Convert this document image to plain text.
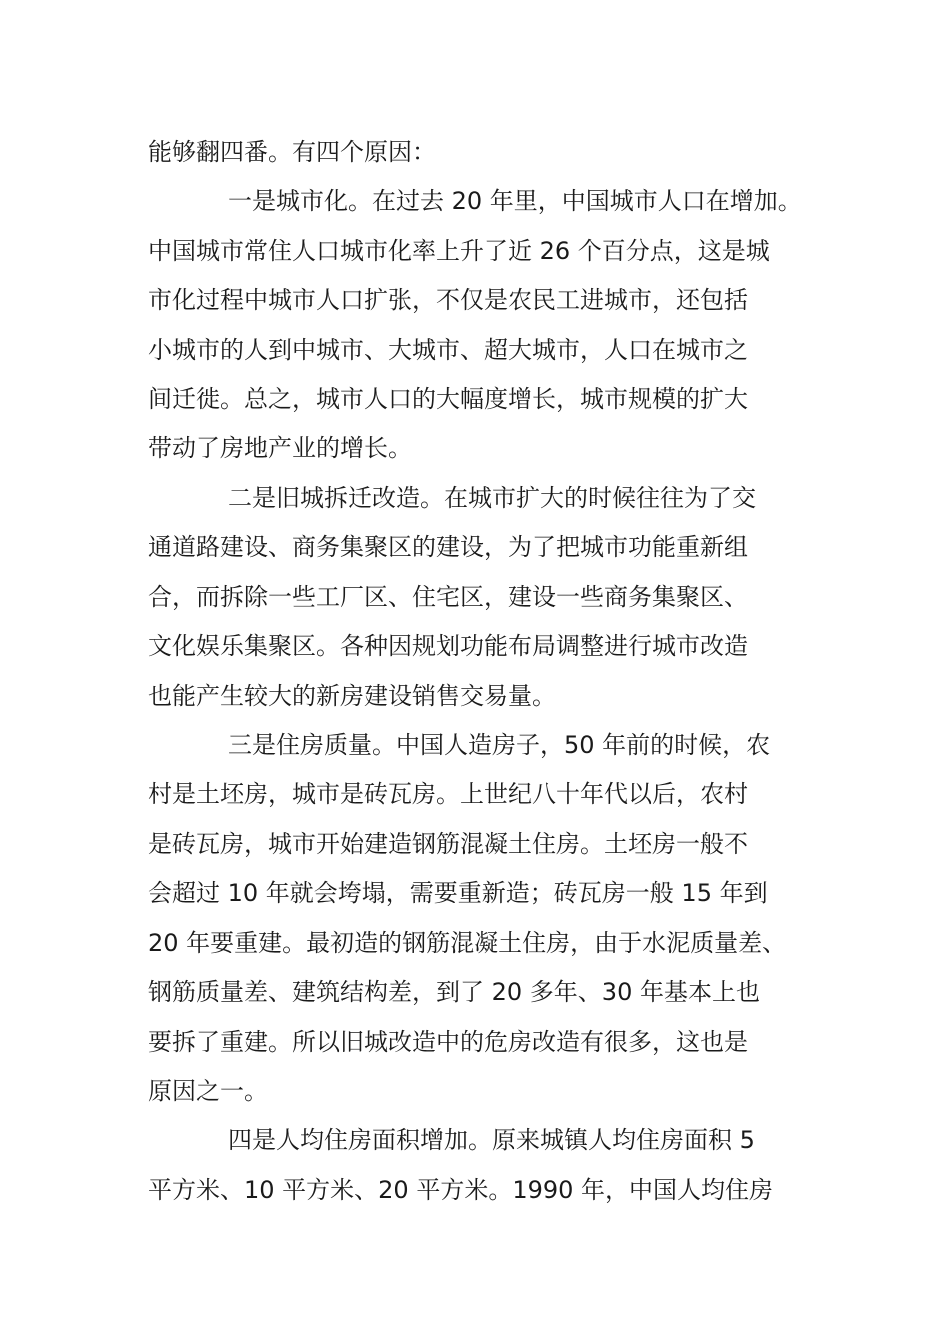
能够翻四番。有四个原因：
一是城市化。在过去 20 年里，中国城市人口在增加。
中国城市常住人口城市化率上升了近 26 个百分点，这是城
市化过程中城市人口扩张，不仅是农民工进城市，还包括
小城市的人到中城市、大城市、超大城市，人口在城市之
间迁徙。总之，城市人口的大幅度增长，城市规模的扩大
带动了房地产业的增长。
二是旧城拆迁改造。在城市扩大的时候往往为了交
通道路建设、商务集聚区的建设，为了把城市功能重新组
合，而拆除一些工厂区、住宅区，建设一些商务集聚区、
文化娱乐集聚区。各种因规划功能布局调整进行城市改造
也能产生较大的新房建设销售交易量。
三是住房质量。中国人造房子，50 年前的时候，农
村是土坯房，城市是砖瓦房。上世纪八十年代以后，农村
是砖瓦房，城市开始建造钢筋混凝土住房。土坯房一般不
会超过 10 年就会垮塌，需要重新造；砖瓦房一般 15 年到
20 年要重建。最初造的钢筋混凝土住房，由于水泥质量差、
钢筋质量差、建筑结构差，到了 20 多年、30 年基本上也
要拆了重建。所以旧城改造中的危房改造有很多，这也是
原因之一。
四是人均住房面积增加。原来城镇人均住房面积 5
平方米、10 平方米、20 平方米。1990 年，中国人均住房
